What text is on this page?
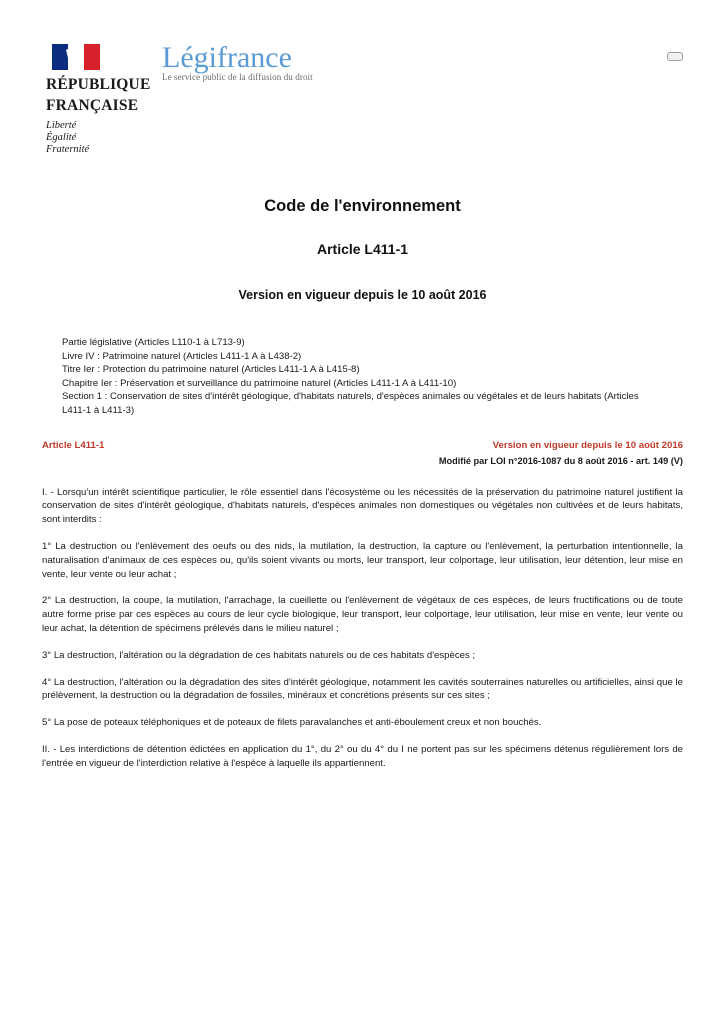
RÉPUBLIQUE
FRANÇAISE
Liberté
Égalité
Fraternité
Légifrance
Le service public de la diffusion du droit
Code de l'environnement
Article L411-1
Version en vigueur depuis le 10 août 2016
Partie législative (Articles L110-1 à L713-9)
Livre IV : Patrimoine naturel (Articles L411-1 A à L438-2)
Titre Ier : Protection du patrimoine naturel (Articles L411-1 A à L415-8)
Chapitre Ier : Préservation et surveillance du patrimoine naturel (Articles L411-1 A à L411-10)
Section 1 : Conservation de sites d'intérêt géologique, d'habitats naturels, d'espèces animales ou végétales et de leurs habitats (Articles L411-1 à L411-3)
Article L411-1	Version en vigueur depuis le 10 août 2016
Modifié par LOI n°2016-1087 du 8 août 2016 - art. 149 (V)

I. - Lorsqu'un intérêt scientifique particulier, le rôle essentiel dans l'écosystème ou les nécessités de la préservation du patrimoine naturel justifient la conservation de sites d'intérêt géologique, d'habitats naturels, d'espèces animales non domestiques ou végétales non cultivées et de leurs habitats, sont interdits :

1° La destruction ou l'enlèvement des oeufs ou des nids, la mutilation, la destruction, la capture ou l'enlèvement, la perturbation intentionnelle, la naturalisation d'animaux de ces espèces ou, qu'ils soient vivants ou morts, leur transport, leur colportage, leur utilisation, leur détention, leur mise en vente, leur vente ou leur achat ;

2° La destruction, la coupe, la mutilation, l'arrachage, la cueillette ou l'enlèvement de végétaux de ces espèces, de leurs fructifications ou de toute autre forme prise par ces espèces au cours de leur cycle biologique, leur transport, leur colportage, leur utilisation, leur mise en vente, leur vente ou leur achat, la détention de spécimens prélevés dans le milieu naturel ;

3° La destruction, l'altération ou la dégradation de ces habitats naturels ou de ces habitats d'espèces ;

4° La destruction, l'altération ou la dégradation des sites d'intérêt géologique, notamment les cavités souterraines naturelles ou artificielles, ainsi que le prélèvement, la destruction ou la dégradation de fossiles, minéraux et concrétions présents sur ces sites ;

5° La pose de poteaux téléphoniques et de poteaux de filets paravalanches et anti-éboulement creux et non bouchés.

II. - Les interdictions de détention édictées en application du 1°, du 2° ou du 4° du I ne portent pas sur les spécimens détenus régulièrement lors de l'entrée en vigueur de l'interdiction relative à l'espèce à laquelle ils appartiennent.
